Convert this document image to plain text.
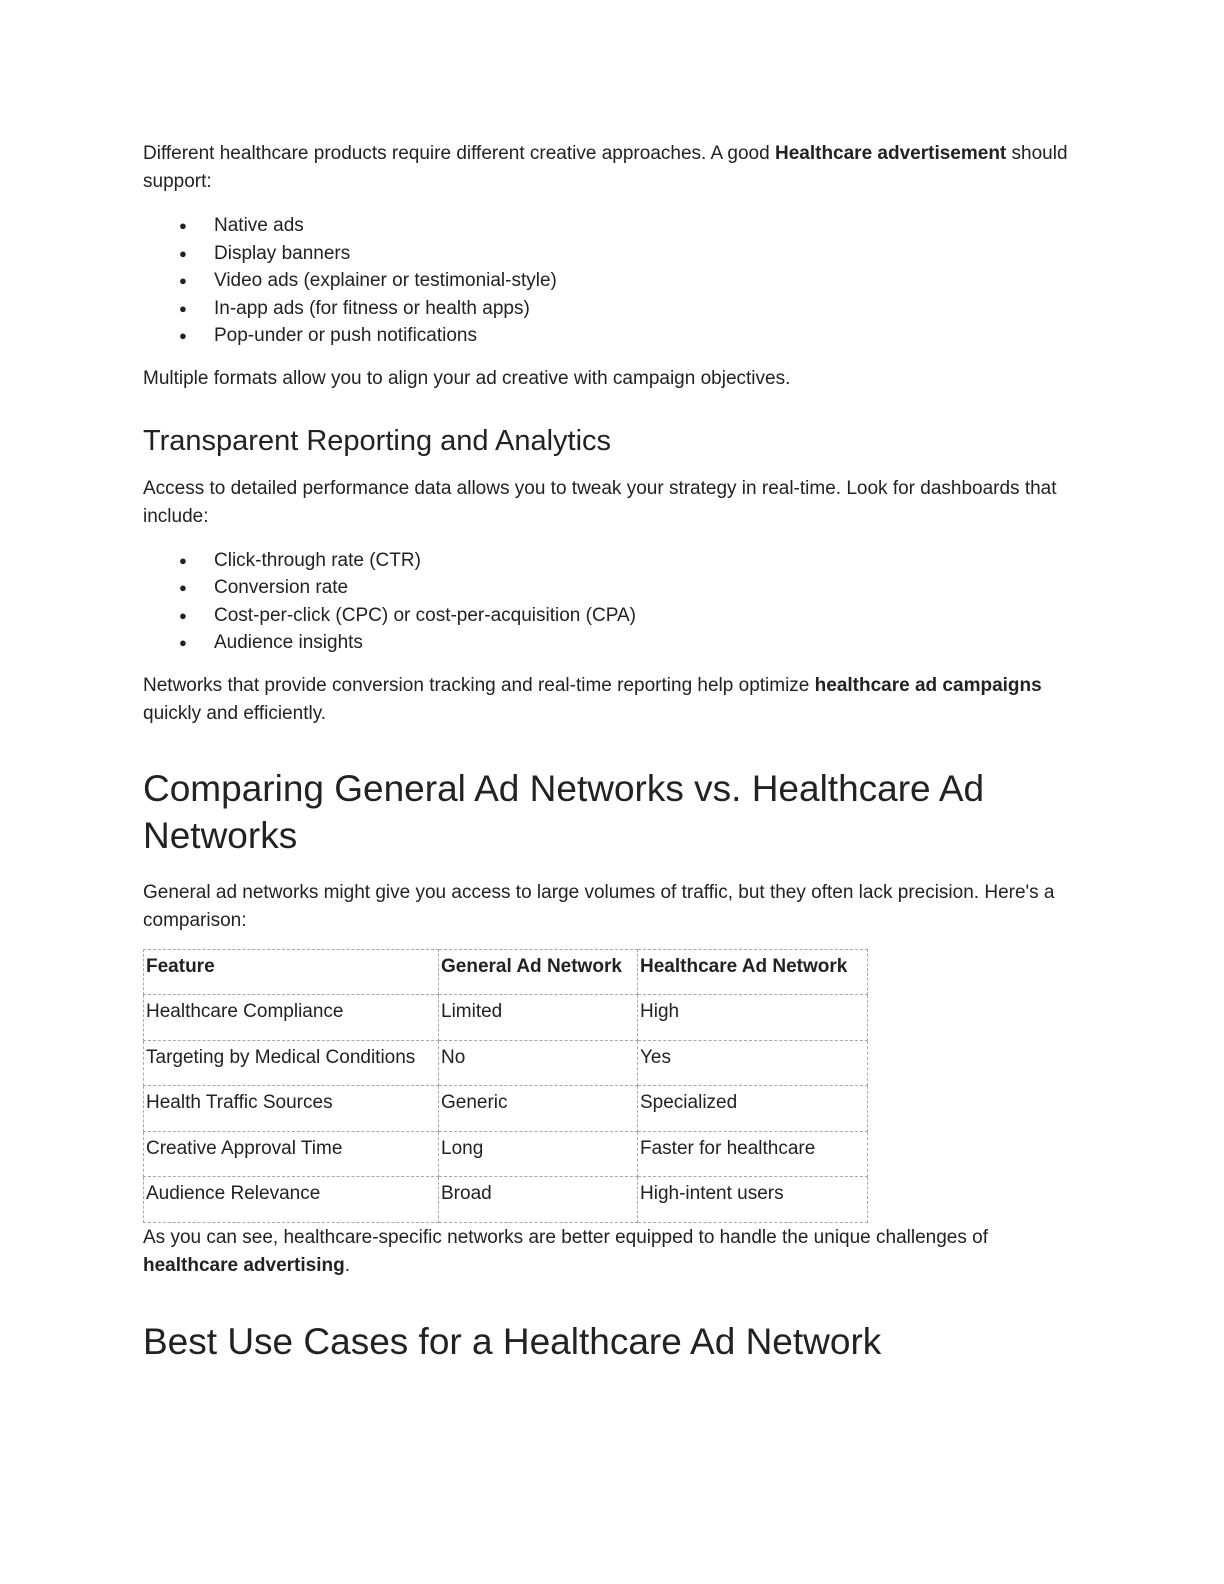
Different healthcare products require different creative approaches. A good Healthcare advertisement should support:

● Native ads
● Display banners
● Video ads (explainer or testimonial-style)
● In-app ads (for fitness or health apps)
● Pop-under or push notifications

Multiple formats allow you to align your ad creative with campaign objectives.

Transparent Reporting and Analytics

Access to detailed performance data allows you to tweak your strategy in real-time. Look for dashboards that include:

● Click-through rate (CTR)
● Conversion rate
● Cost-per-click (CPC) or cost-per-acquisition (CPA)
● Audience insights

Networks that provide conversion tracking and real-time reporting help optimize healthcare ad campaigns quickly and efficiently.

Comparing General Ad Networks vs. Healthcare Ad Networks

General ad networks might give you access to large volumes of traffic, but they often lack precision. Here's a comparison:

Feature	General Ad Network	Healthcare Ad Network
Healthcare Compliance	Limited	High
Targeting by Medical Conditions	No	Yes
Health Traffic Sources	Generic	Specialized
Creative Approval Time	Long	Faster for healthcare
Audience Relevance	Broad	High-intent users

As you can see, healthcare-specific networks are better equipped to handle the unique challenges of healthcare advertising.

Best Use Cases for a Healthcare Ad Network
